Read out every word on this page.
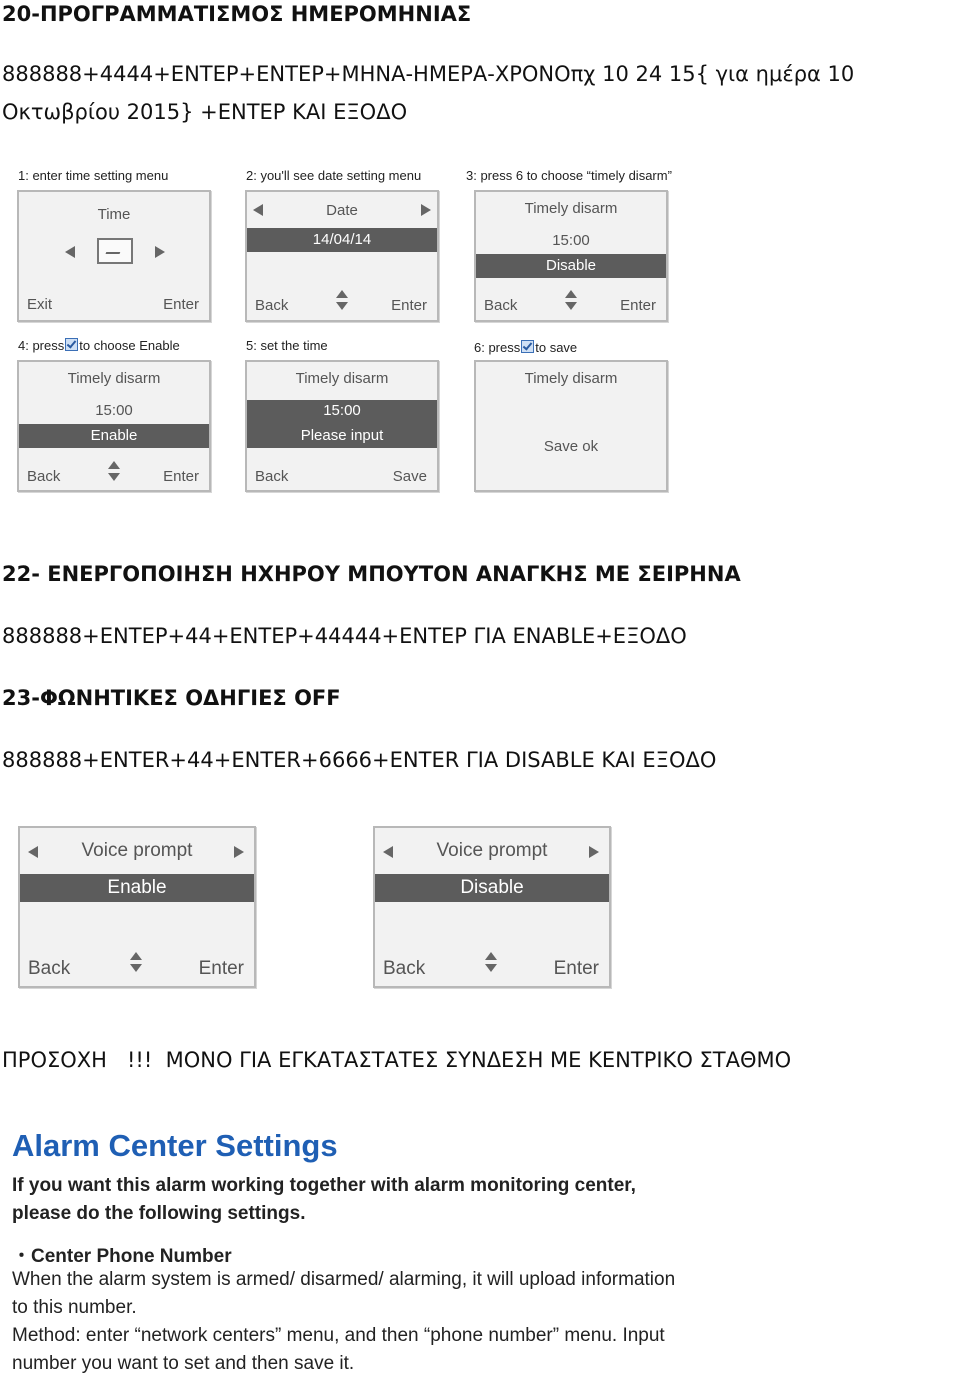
20-ΠΡΟΓΡΑΜΜΑΤΙΣΜΟΣ ΗΜΕΡΟΜΗΝΙΑΣ
888888+4444+ΕΝΤΕΡ+ΕΝΤΕΡ+ΜΗΝΑ-ΗΜΕΡΑ-ΧΡΟΝΟπχ 10 24 15{ για ημέρα 10
Οκτωβρίου 2015} +ΕΝΤΕΡ ΚΑΙ ΕΞΟΔΟ
1: enter time setting menu	2: you'll see date setting menu	3: press 6 to choose “timely disarm”
Time
Exit	Enter
Date
14/04/14
Back	Enter
Timely disarm
15:00
Disable
Back	Enter
4: press to choose Enable	5: set the time	6: press to save
Timely disarm
15:00
Enable
Back	Enter
Timely disarm
15:00
Please input
Back	Save
Timely disarm
Save ok
22- ΕΝΕΡΓΟΠΟΙΗΣΗ ΗΧΗΡΟΥ ΜΠΟΥΤΟΝ ΑΝΑΓΚΗΣ ΜΕ ΣΕΙΡΗΝΑ
888888+ΕΝΤΕΡ+44+ΕΝΤΕΡ+44444+ΕΝΤΕΡ ΓΙΑ ENABLE+ΕΞΟΔΟ
23-ΦΩΝΗΤΙΚΕΣ ΟΔΗΓΙΕΣ OFF
888888+ENTER+44+ENTER+6666+ENTER ΓΙΑ DISABLE ΚΑΙ ΕΞΟΔΟ
Voice prompt
Enable
Back	Enter
Voice prompt
Disable
Back	Enter
ΠΡΟΣΟΧΗ   !!!  ΜΟΝΟ ΓΙΑ ΕΓΚΑΤΑΣΤΑΤΕΣ ΣΥΝΔΕΣΗ ΜΕ ΚΕΝΤΡΙΚΟ ΣΤΑΘΜΟ
Alarm Center Settings
If you want this alarm working together with alarm monitoring center,
please do the following settings.
・Center Phone Number
When the alarm system is armed/ disarmed/ alarming, it will upload information
to this number.
Method: enter “network centers” menu, and then “phone number” menu. Input
number you want to set and then save it.
